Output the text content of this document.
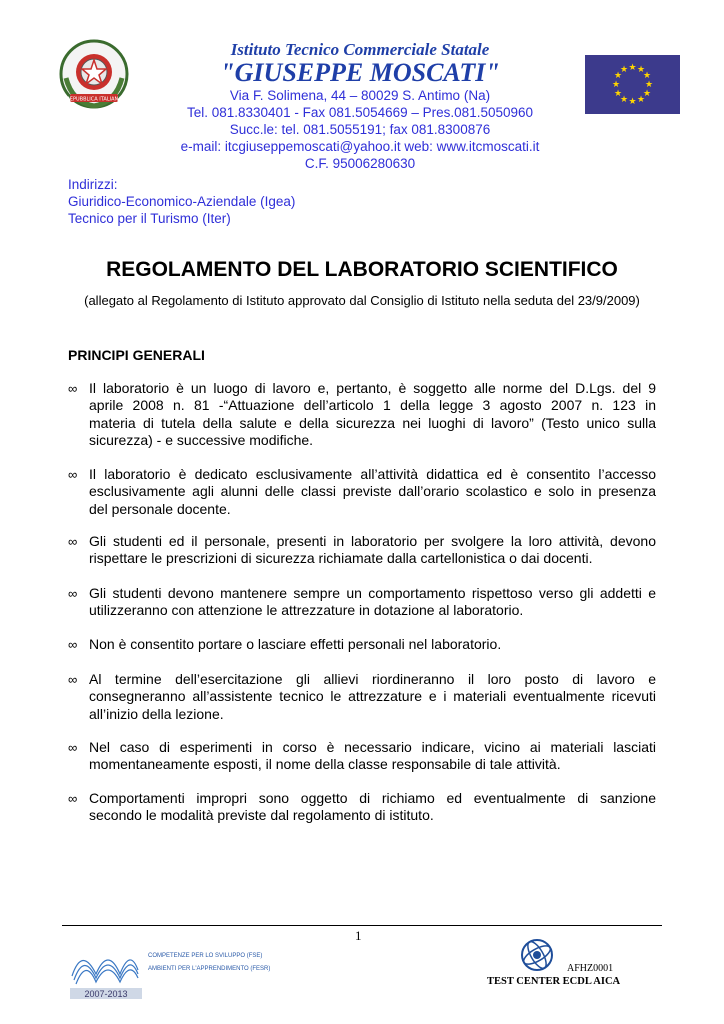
REPUBBLICA ITALIANA
★ ★
★
★
★
★
★
★
★
★
★
★
Istituto Tecnico Commerciale Statale
"GIUSEPPE MOSCATI"
Via F. Solimena, 44 – 80029 S. Antimo (Na)
Tel. 081.8330401 - Fax 081.5054669 – Pres.081.5050960
Succ.le: tel. 081.5055191; fax 081.8300876
e-mail: itcgiuseppemoscati@yahoo.it web: www.itcmoscati.it
C.F. 95006280630
Indirizzi:
Giuridico-Economico-Aziendale (Igea)
Tecnico per il Turismo (Iter)
REGOLAMENTO DEL LABORATORIO SCIENTIFICO
(allegato al Regolamento di Istituto approvato dal Consiglio di Istituto nella seduta del 23/9/2009)
PRINCIPI GENERALI
∞ Il laboratorio è un luogo di lavoro e, pertanto, è soggetto alle norme del D.Lgs. del 9
aprile 2008 n. 81 -“Attuazione dell’articolo 1 della legge 3 agosto 2007 n. 123 in
materia di tutela della salute e della sicurezza nei luoghi di lavoro” (Testo unico sulla
sicurezza) - e successive modifiche.
∞ Il laboratorio è dedicato esclusivamente all’attività didattica ed è consentito l’accesso
esclusivamente agli alunni delle classi previste dall’orario scolastico e solo in presenza
del personale docente.
∞ Gli studenti ed il personale, presenti in laboratorio per svolgere la loro attività, devono
rispettare le prescrizioni di sicurezza richiamate dalla cartellonistica o dai docenti.
∞ Gli studenti devono mantenere sempre un comportamento rispettoso verso gli addetti e
utilizzeranno con attenzione le attrezzature in dotazione al laboratorio.
∞ Non è consentito portare o lasciare effetti personali nel laboratorio.
∞ Al termine dell’esercitazione gli allievi riordineranno il loro posto di lavoro e
consegneranno all’assistente tecnico le attrezzature e i materiali eventualmente ricevuti
all’inizio della lezione.
∞ Nel caso di esperimenti in corso è necessario indicare, vicino ai materiali lasciati
momentaneamente esposti, il nome della classe responsabile di tale attività.
∞ Comportamenti impropri sono oggetto di richiamo ed eventualmente di sanzione
secondo le modalità previste dal regolamento di istituto.
1
2007-2013
COMPETENZE PER LO SVILUPPO (FSE)
AMBIENTI PER L'APPRENDIMENTO (FESR)	AFHZ0001
TEST CENTER ECDL AICA
